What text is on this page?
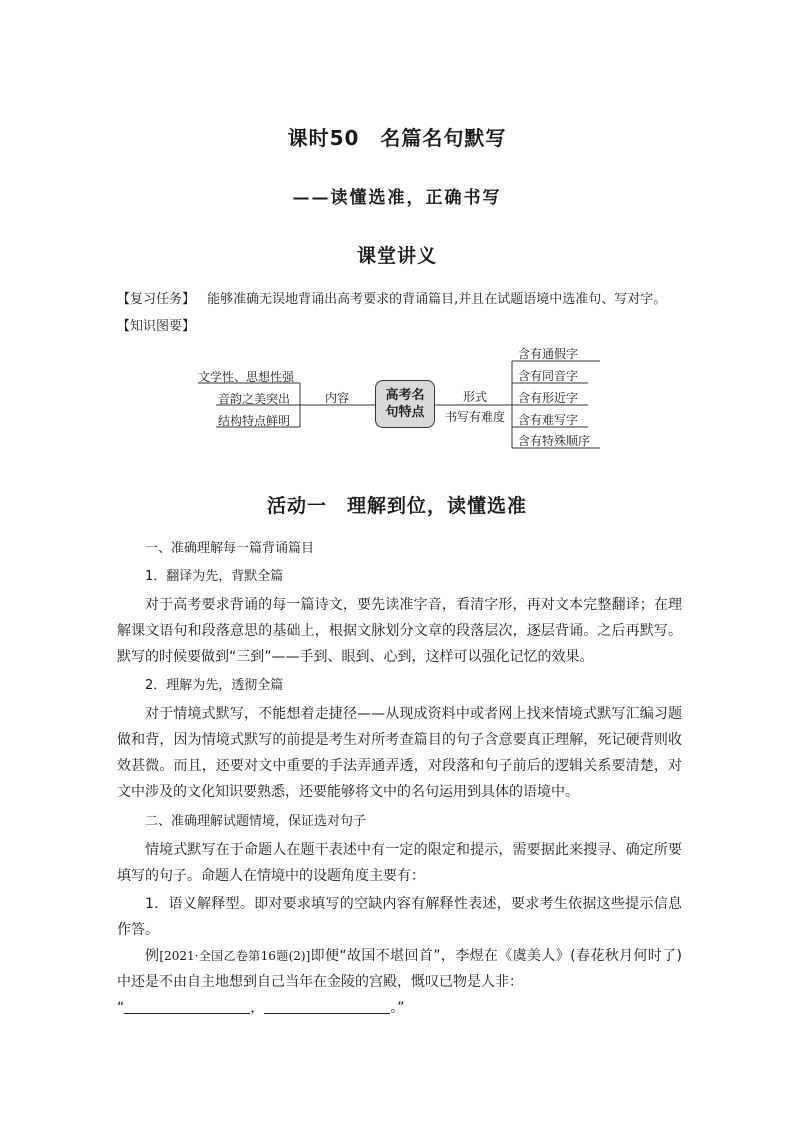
课时50　名篇名句默写
——读懂选准，正确书写
课堂讲义
【复习任务】 能够准确无误地背诵出高考要求的背诵篇目,并且在试题语境中选准句、写对字。
【知识图要】
文学性、思想性强
音韵之美突出
结构特点鲜明
内容	高考名
句特点
形式
书写有难度
含有通假字
含有同音字
含有形近字
含有难写字
含有特殊顺序
活动一　理解到位，读懂选准
一、准确理解每一篇背诵篇目
1．翻译为先，背默全篇
对于高考要求背诵的每一篇诗文，要先读准字音，看清字形，再对文本完整翻译；在理解课文语句和段落意思的基础上，根据文脉划分文章的段落层次，逐层背诵。之后再默写。默写的时候要做到“三到”——手到、眼到、心到，这样可以强化记忆的效果。
2．理解为先，透彻全篇
对于情境式默写，不能想着走捷径——从现成资料中或者网上找来情境式默写汇编习题做和背，因为情境式默写的前提是考生对所考查篇目的句子含意要真正理解，死记硬背则收效甚微。而且，还要对文中重要的手法弄通弄透，对段落和句子前后的逻辑关系要清楚，对文中涉及的文化知识要熟悉，还要能够将文中的名句运用到具体的语境中。
二、准确理解试题情境，保证选对句子
情境式默写在于命题人在题干表述中有一定的限定和提示，需要据此来搜寻、确定所要填写的句子。命题人在情境中的设题角度主要有：
1．语义解释型。即对要求填写的空缺内容有解释性表述，要求考生依据这些提示信息作答。
例[2021·全国乙卷第16题(2)]即便“故国不堪回首”，李煜在《虞美人》(春花秋月何时了)中还是不由自主地想到自己当年在金陵的宫殿，慨叹已物是人非：
“	，	。”
